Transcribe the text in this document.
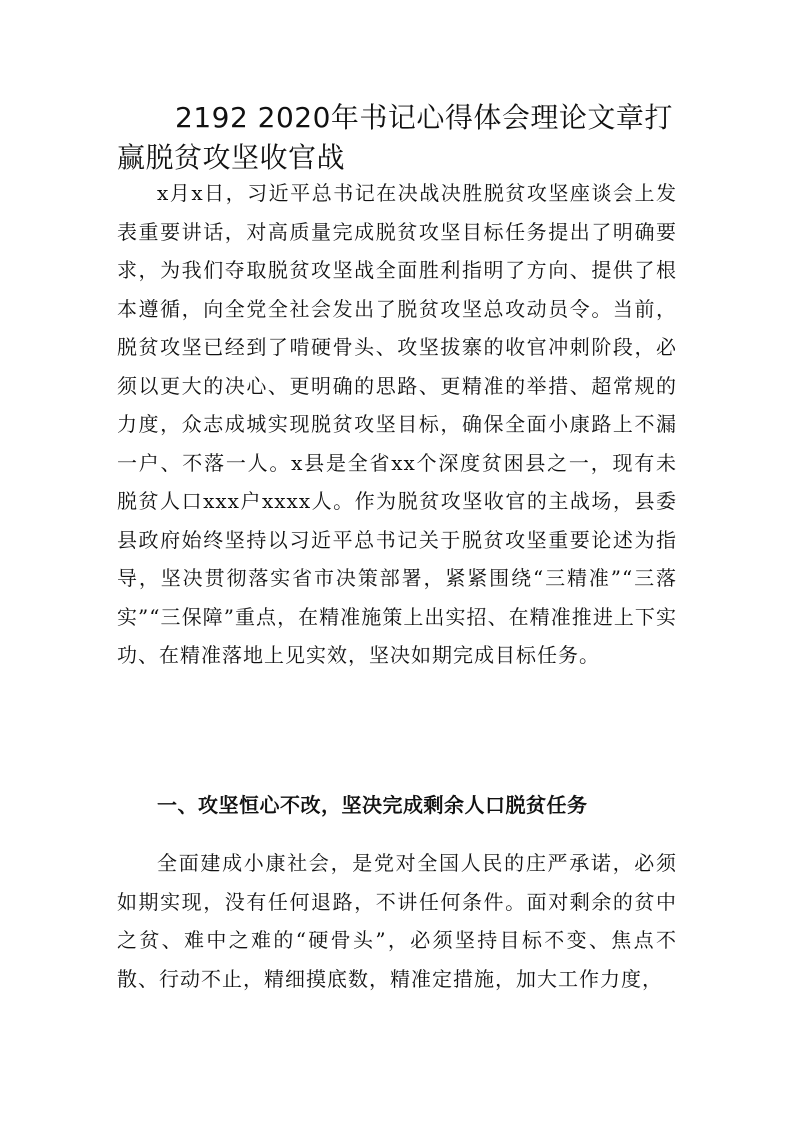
2192 2020年书记心得体会理论文章打赢脱贫攻坚收官战

x月x日，习近平总书记在决战决胜脱贫攻坚座谈会上发表重要讲话，对高质量完成脱贫攻坚目标任务提出了明确要求，为我们夺取脱贫攻坚战全面胜利指明了方向、提供了根本遵循，向全党全社会发出了脱贫攻坚总攻动员令。当前，脱贫攻坚已经到了啃硬骨头、攻坚拔寨的收官冲刺阶段，必须以更大的决心、更明确的思路、更精准的举措、超常规的力度，众志成城实现脱贫攻坚目标，确保全面小康路上不漏一户、不落一人。x县是全省xx个深度贫困县之一，现有未脱贫人口xxx户xxxx人。作为脱贫攻坚收官的主战场，县委县政府始终坚持以习近平总书记关于脱贫攻坚重要论述为指导，坚决贯彻落实省市决策部署，紧紧围绕“三精准”“三落实”“三保障”重点，在精准施策上出实招、在精准推进上下实功、在精准落地上见实效，坚决如期完成目标任务。

一、攻坚恒心不改，坚决完成剩余人口脱贫任务

全面建成小康社会，是党对全国人民的庄严承诺，必须如期实现，没有任何退路，不讲任何条件。面对剩余的贫中之贫、难中之难的“硬骨头”，必须坚持目标不变、焦点不散、行动不止，精细摸底数，精准定措施，加大工作力度，
